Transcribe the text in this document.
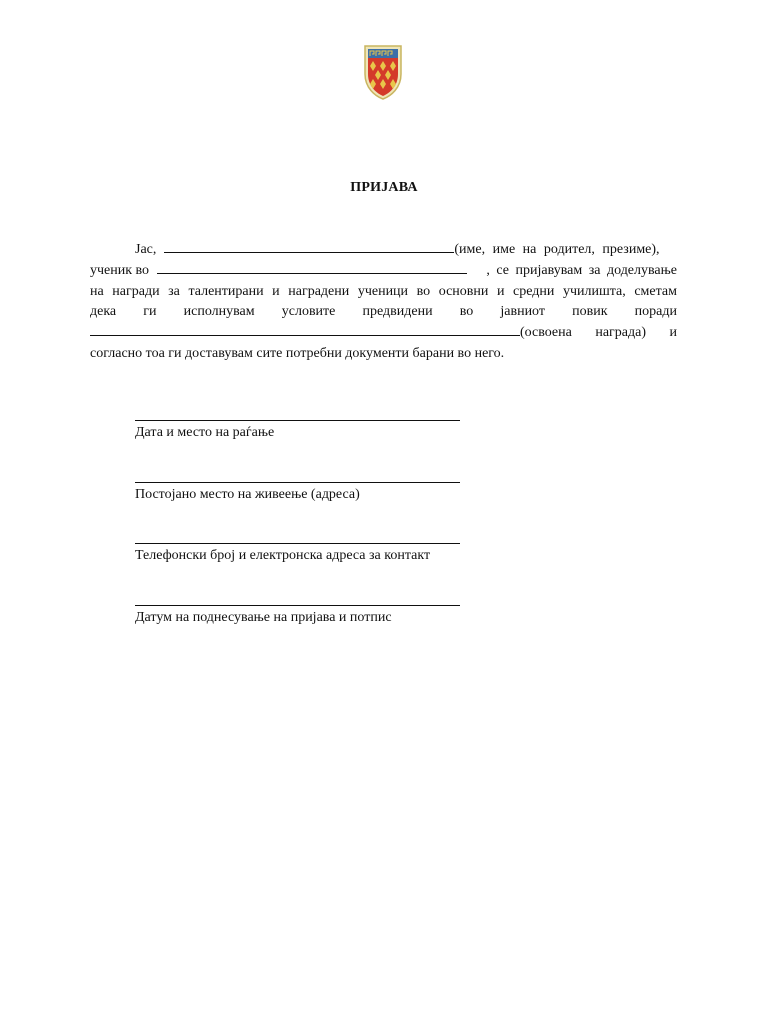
ПРИЈАВА
Јас,	(име, име на родител, презиме),
ученик во	, се пријавувам за доделување
на награди за талентирани и наградени ученици во основни и средни училишта, сметам
дека ги исполнувам условите предвидени во јавниот повик поради
(освоена награда) и
согласно тоа ги доставувам сите потребни документи барани во него.
Дата и место на раѓање
Постојано место на живеење (адреса)
Телефонски број и електронска адреса за контакт
Датум на поднесување на пријава и потпис
